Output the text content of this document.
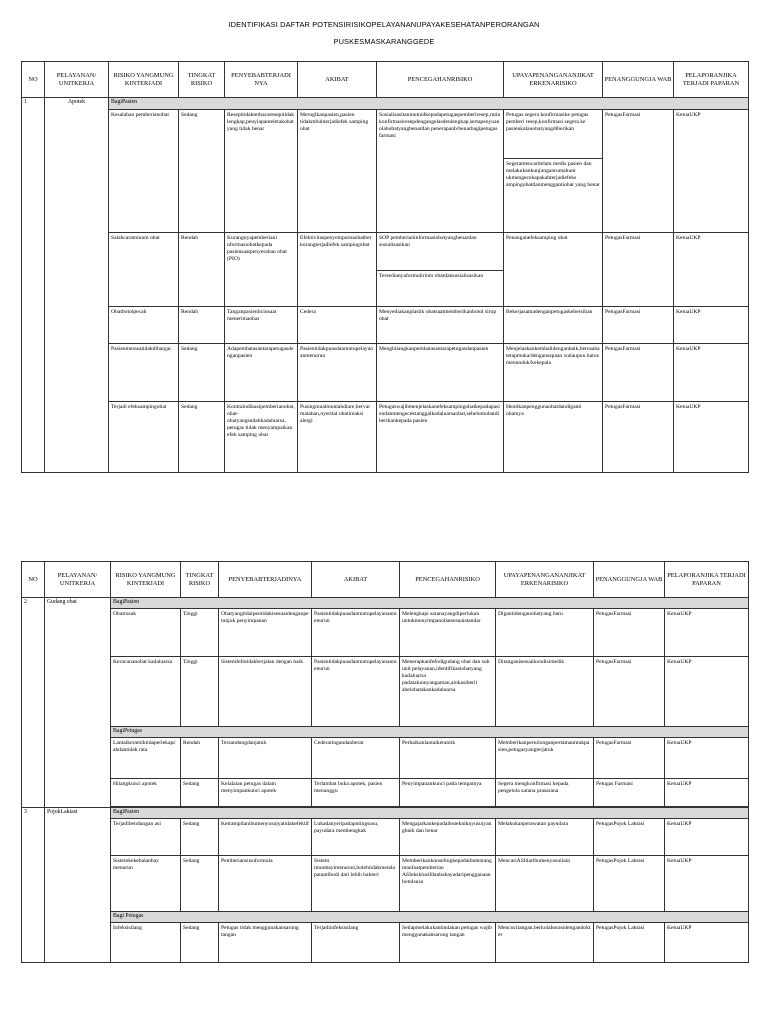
IDENTIFIKASI DAFTAR POTENSIRISIKOPELAYANANUPAYAKESEHATANPERORANGAN
PUSKESMASKARANGGEDE
NO	PELAYANAN/ UNITKERJA	RISIKO YANGMUNG KINTERJADI	TINGKAT RISIKO	PENYEBABTERJADI NYA	AKIBAT	PENCEGAHANRISIKO	UPAYAPENANGANANJIKAT ERKENARISIKO	PENANGGUNGJA WAB	PELAPORANJIKA TERJADI PAPARAN
1	Apotek	BagiPasien							
		Kesalahan pemberianobat	Sedang	Resepitidakterbacaresepitidaklengkap,penyiapanteletakobat yang tidak benar	Meruglkanpasien,pasien tidakmbuhterjadiefek samping obat	Sosialisasitanmutnidkepadapetugaspemberiresep,rutinkonfirmasiresepdengangelasdenlengkap,sertapenyuanolahobatyangbenardan penerapanb/benarbagipetugas farmasi	Petugas segera konfirmasike petugas pemberi resep,konfirmasi segera ke pasienkalauobatyangdiberikan	PetugasFarmasi	KetuaUKP
							Segeramencaritelam medis pasien dan melakukankunjunganrumahunt ukmengecekapakahterjadiefeks ampingobatdanmenggantiobat yang benar		
		Salahcaraminum obat	Rendah	Kurangnyapemberiani nformasiobatkepada pasiensaatpenyerahan obat (PIO)	Efektivitaspenyempurnaobatberkurangterjadiefek sampingobat	SOP pemberianinformasiobatyangbenardan sosialisasikan	Penanganefeksamping obat	PetugasFarmasi	KetuaUKP
						Tersedianyaformulirinm obatdansosialisasikan			
		Obatbotolpecah	Rendah	Tanganpasienlicinsaat menerimaobat	Cedera	Menyediakanplastik obatsaatmemberikanbotol sirup obat	Bekerjasamadenganpetugaskebersihan	PetugasFarmasi	KetuaUKP
		Pasienmerasatidakdihargai	Sedang	Adapembatasantarapetugasdenganpasien	Pasientidakpuasdanmutupelayananmenurun	Menghilangkanpembatasantarapetugasdanpasien	Menjelaskankembalidenganbaik,berusahatetapmuka/dengansapaan walaupun harus menunduk/kekepala	PetugasFarmasi	KetuaUKP
		Terjadi efeksampingobat	Sedang	Kontraindikasipemberianobat,obat-obatyangsudahkadaluarsa, petugas tidak menyampaikan efek samping obat	Pusingmualmuntahdiare,bervarmatahan,nyerital ubatireaksi alergi	Petugaswajibmenjelaskanefeksampingobatkepadapasiendanmengecektanggalkadaluarsaobat,sebelumobatdiberikankepada pasien	Hentikanpenggunaobatdandiganti obatnya	PetugasFarmasi	KetuaUKP
NO	PELAYANAN/ UNITKERJA	RISIKO YANGMUNG KINTERJADI	TINGKAT RISIKO	PENYEBABTERJADINYA	AKIBAT	PENCEGAHANRISIKO	UPAYAPENANGANANJIKAT ERKENARISIKO	PENANGGUNGJA WAB	PELAPORANJIKA TERJADI PAPARAN
2	Gudang obat	BagiPasien							
		Obatrusak	Tinggi	Obatyangtidaipentidakisesuaidenganpetunjuk penyimpanan	Pasientidakpuasdanmutupelayananmenurun	Melengkapi saranayangdiperlukan untukmenyimpanobatsesuaistandar	Digantidenganobatyang baru	PetugasFarmasi	KetuaUKP
		Keracunanobat kadaluarsa	Tinggi	Sistemfefotidakberjalan dengan baik	Pasientidakpuasdanmutupelayananmenurun	Menerapkanfefodigudang obat dan sub unit pelayanan,identifikasiobatyang kadaluarsa padatalunnyangaman,alokasiberil abelobatakankadaluarsa	Ditanganisesuaikondisimedik	PetugasFarmasi	KetuaUKP
		BagiPetugas							
		Lantaikeramiktidaperlekapcahdantidak rata	Rendah	Tersandungdanjatuh	Cederaringandanberat	Perbaikanlantaikeramik	Memberikanpertolonganpertamauntukpasien,petugasyangterjatuh	PetugasFarmasi	KetuaUKP
		Hilangkunci apotek	Sedang	Kelalaian petugas dalam menyimpankunci apotek	Terlambat buka apotek, pasien menunggu	Penyimpanankunci pada tempatnya	Segera mengkonfirmasi kepada pengelola sarana prasarana	Petugas Farmasi	KetuaUKP

3	PojokLaktasi	BagiPasien							
		Terjadibendungan asi	Sedang	Ketrampilanibumenyusuiyatidakefektif	Lukadanyeripadaputingsusu, payudara membengkak	Mengajarkankepadaibutekniknyusuiyangbaik dan benar	Melakukanperawatan payudara	PetugasPojok Laktasi	KetuaUKP
		Sistemkekebalanbay menurun	Sedang	Pemberiansusuformula	Sistem imunbayimenurun,bolehtidakmendapatantibodi dari lebih bakteri	Memberikankonselingkepadaibutentangmanfaatpemberian ASIeksklusifdanbahayadaripengganaanbotolsusu	MencariASIdaribumenyusuilain	PetugasPojok Laktasi	KetuaUKP
		Bagi Petugas							
		Infeksisilang	Sedang	Petugas tidak menggunakansarung tangan	Terjadiinfeksisilang	Setiapmelakukantindakan petugas wajib menggunakansarung tangan	Mencucitangan,berkolaborasidengandokter	PetugasPojok Laktasi	KetuaUKP
